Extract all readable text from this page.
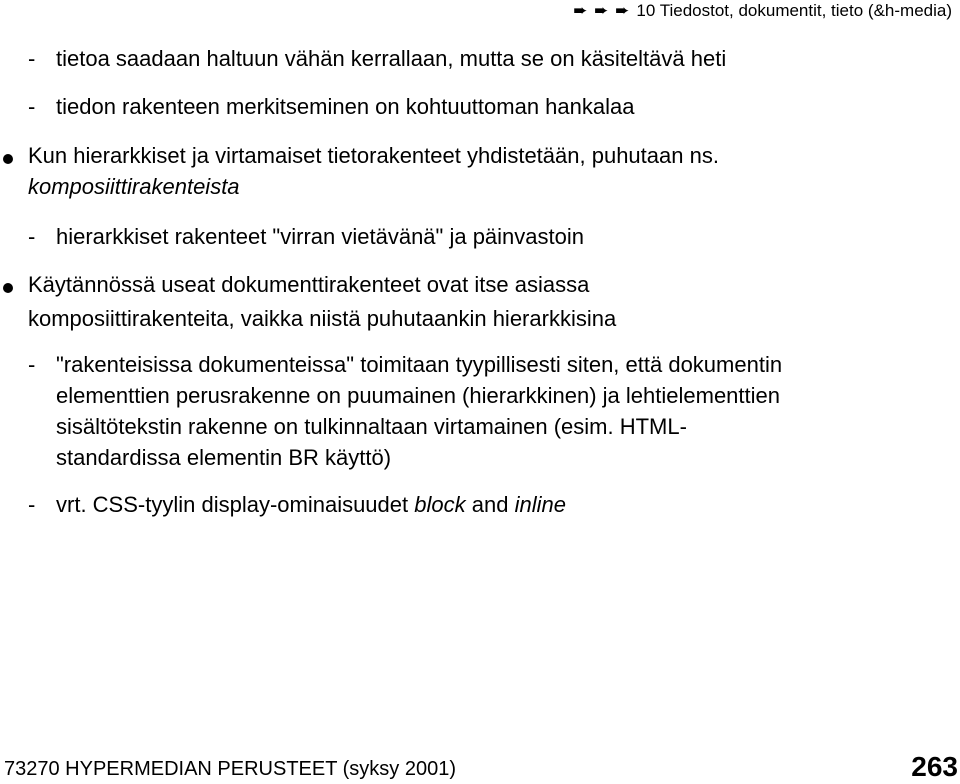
➨ ➨ ➨ 10 Tiedostot, dokumentit, tieto (&h-media)
- tietoa saadaan haltuun vähän kerrallaan, mutta se on käsiteltävä heti
- tiedon rakenteen merkitseminen on kohtuuttoman hankalaa
Kun hierarkkiset ja virtamaiset tietorakenteet yhdistetään, puhutaan ns.
komposiittirakenteista
- hierarkkiset rakenteet "virran vietävänä" ja päinvastoin
Käytännössä useat dokumenttirakenteet ovat itse asiassa
komposiittirakenteita, vaikka niistä puhutaankin hierarkkisina
- "rakenteisissa dokumenteissa" toimitaan tyypillisesti siten, että dokumentin
elementtien perusrakenne on puumainen (hierarkkinen) ja lehtielementtien
sisältötekstin rakenne on tulkinnaltaan virtamainen (esim. HTML-
standardissa elementin BR käyttö)
- vrt. CSS-tyylin display-ominaisuudet block and inline
73270 HYPERMEDIAN PERUSTEET (syksy 2001)	263
